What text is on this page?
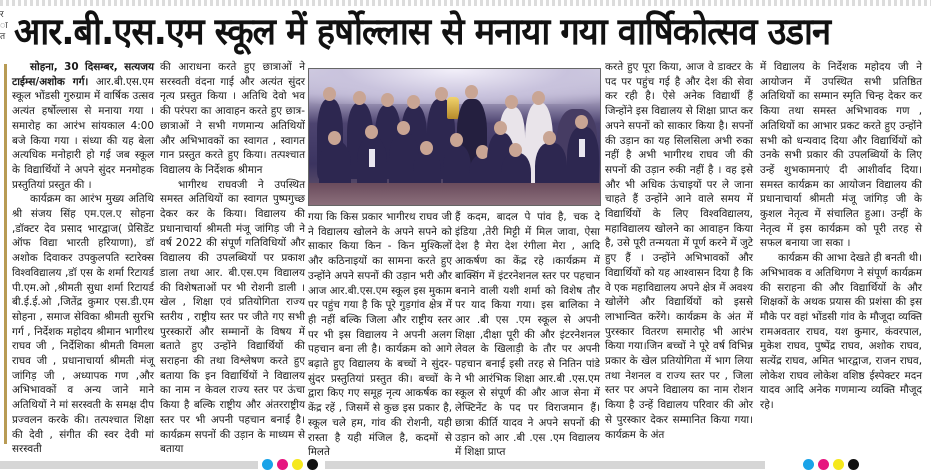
र ा त आर.बी.एस.एम स्कूल में हर्षोल्लास से मनाया गया वार्षिकोत्सव उडान

सोहना, 30 दिसम्बर, सत्यजय टाईम्स/अशोक गर्ग। आर.बी.एस.एम स्कूल भोंडसी गुरुग्राम में वार्षिक उत्सव अत्यंत हर्षोल्लास से मनाया गया । समारोह का आरंभ सांयकाल 4:00 बजे किया गया । संध्या की यह बेला अत्यधिक मनोहारी हो गई जब स्कूल के विद्यार्थियों ने अपने सुंदर मनमोहक प्रस्तुतियां प्रस्तुत की ।

कार्यक्रम का आरंभ मुख्य अतिथि श्री संजय सिंह एम.एल.ए सोहना ,डॉक्टर देव प्रसाद भारद्वाज( प्रेसिडेंट ऑफ विद्या भारती हरियाणा), डॉ अशोक दिवाकर उपकुलपति स्टारेक्स विश्वविद्यालय ,डॉ एस के शर्मा रिटायर्ड पी.एम.ओ ,श्रीमती सुधा शर्मा रिटायर्ड बी.ई.ई.ओ ,जितेंद्र कुमार एस.डी.एम सोहना , समाज सेविका श्रीमती सुरभि गर्ग , निर्देशक महोदय श्रीमान भागीरथ राघव जी , निर्देशिका श्रीमती विमला राघव जी , प्रधानाचार्या श्रीमती मंजू जांगिड़ जी , अध्यापक गण ,और अभिभावकों व अन्य जाने माने अतिथियों ने मां सरस्वती के समक्ष दीप प्रज्वलन करके की। तत्पश्चात शिक्षा की देवी , संगीत की स्वर देवी मां सरस्वती

की आराधना करते हुए छात्राओं ने सरस्वती वंदना गाई और अत्यंत सुंदर नृत्य प्रस्तुत किया । अतिथि देवो भव की परंपरा का आवाहन करते हुए छात्र-छात्राओं ने सभी गणमान्य अतिथियों और अभिभावकों का स्वागत , स्वागत गान प्रस्तुत करते हुए किया। तत्पश्चात विद्यालय के निर्देशक श्रीमान

भागीरथ राघवजी ने उपस्थित समस्त अतिथियों का स्वागत पुष्पगुच्छ देकर कर के किया। विद्यालय की प्रधानाचार्या श्रीमती मंजू जांगिड़ जी ने वर्ष 2022 की संपूर्ण गतिविधियों और विद्यालय की उपलब्धियों पर प्रकाश डाला तथा आर. बी.एस.एम विद्यालय की विशेषताओं पर भी रोशनी डाली । खेल , शिक्षा एवं प्रतियोगिता राज्य स्तरीय , राष्ट्रीय स्तर पर जीते गए सभी पुरस्कारों और सम्मानों के विषय में बताते हुए उन्होंने विद्यार्थियों की सराहना की तथा विश्लेषण करते हुए बताया कि इन विद्यार्थियों ने विद्यालय का नाम न केवल राज्य स्तर पर ऊंचा किया है बल्कि राष्ट्रीय और अंतरराष्ट्रीय स्तर पर भी अपनी पहचान बनाई है। कार्यक्रम सपनों की उड़ान के माध्यम से बताया

गया कि किस प्रकार भागीरथ राघव जी ने विद्यालय खोलने के अपने सपने को साकार किया किन - किन मुश्किलों और कठिनाइयों का सामना करते हुए उन्होंने अपने सपनों की उड़ान भरी और आज आर.बी.एस.एम स्कूल इस मुकाम पर पहुंच गया है कि पूरे गुड़गांव क्षेत्र में ही नहीं बल्कि जिला और राष्ट्रीय स्तर पर भी इस विद्यालय ने अपनी अलग पहचान बना ली है। कार्यक्रम को आगे बढ़ाते हुए विद्यालय के बच्चों ने सुंदर-सुंदर प्रस्तुतियां प्रस्तुत की। बच्चों के द्वारा किए गए समूह नृत्य आकर्षक का केंद्र रहें , जिसमें से कुछ इस प्रकार है, स्कूल चले हम, गांव की रोशनी, यही रास्ता है यही मंजिल है, कदमों से मिलते

हैं कदम, बादल पे पांव है, चक दे इंडिया ,तेरी मिट्टी में मिल जावा, ऐसा देश है मेरा देश रंगीला मेरा , आदि आकर्षण का केंद्र रहे ।कार्यक्रम में बाक्सिंग में इंटरनेशनल स्तर पर पहचान बनाने वाली यशी शर्मा को विशेष तौर पर याद किया गया। इस बालिका ने आर .बी एस .एम स्कूल से अपनी शिक्षा ,दीक्षा पूरी की और इंटरनेशनल लेवल के खिलाड़ी के तौर पर अपनी पहचान बनाई इसी तरह से नितिन पांडे ने भी आरंभिक शिक्षा आर.बी .एस.एम स्कूल से संपूर्ण की और आज सेना में लेफ्टिनेंट के पद पर विराजमान हैं। छात्रा कीर्ति यादव ने अपने सपनों की उड़ान को आर .बी .एस .एम विद्यालय में शिक्षा प्राप्त

करते हुए पूरा किया, आज वे डाक्टर के पद पर पहुंच गई है और देश की सेवा कर रही है। ऐसे अनेक विद्यार्थी हैं जिन्होंने इस विद्यालय से शिक्षा प्राप्त कर अपने सपनों को साकार किया है। सपनों की उड़ान का यह सिलसिला अभी रुका नहीं है अभी भागीरथ राघव जी की सपनों की उड़ान रुकी नहीं है । वह इसे और भी अधिक ऊंचाइयों पर ले जाना चाहते हैं उन्होंने आने वाले समय में विद्यार्थियों के लिए विश्वविद्यालय, महाविद्यालय खोलने का आवाहन किया है, उसे पूरी तन्मयता में पूर्ण करने में जुटे हुए हैं । उन्होंने अभिभावकों और विद्यार्थियों को यह आश्वासन दिया है कि वे एक महाविद्यालय अपने क्षेत्र में अवश्य खोलेंगे और विद्यार्थियों को इससे लाभान्वित करेंगे। कार्यक्रम के अंत में पुरस्कार वितरण समारोह भी आरंभ किया गया।जिन बच्चों ने पूरे वर्ष विभिन्न प्रकार के खेल प्रतियोगिता में भाग लिया तथा नेशनल व राज्य स्तर पर , जिला स्तर पर अपने विद्यालय का नाम रोशन किया है उन्हें विद्यालय परिवार की ओर से पुरस्कार देकर सम्मानित किया गया। कार्यक्रम के अंत

में विद्यालय के निर्देशक महोदय जी ने आयोजन में उपस्थित सभी प्रतिष्ठित अतिथियों का सम्मान स्मृति चिन्ह देकर कर किया तथा समस्त अभिभावक गण , अतिथियों का आभार प्रकट करते हुए उन्होंने सभी को धन्यवाद दिया और विद्यार्थियों को उनके सभी प्रकार की उपलब्धियों के लिए उन्हें शुभकामनाएं दी आशीर्वाद दिया। समस्त कार्यक्रम का आयोजन विद्यालय की प्रधानाचार्या श्रीमती मंजू जांगिड़ जी के कुशल नेतृत्व में संचालित हुआ। उन्हीं के नेतृत्व में इस कार्यक्रम को पूरी तरह से सफल बनाया जा सका ।

कार्यक्रम की आभा देखते ही बनती थी। अभिभावक व अतिथिगण ने संपूर्ण कार्यक्रम की सराहना की और विद्यार्थियों के और शिक्षकों के अथक प्रयास की प्रशंसा की इस मौके पर वहां भोंडसी गांव के मौजूदा व्यक्ति रामअवतार राघव, यश कुमार, कंवरपाल, मुकेश राघव, पुष्पेंद्र राघव, अशोक राघव, सत्येंद्र राघव, अमित भारद्वाज, राजन राघव, लोकेश राघव लोकेश वशिष्ठ ईस्पेक्टर मदन यादव आदि अनेक गणमान्य व्यक्ति मौजूद रहे।
